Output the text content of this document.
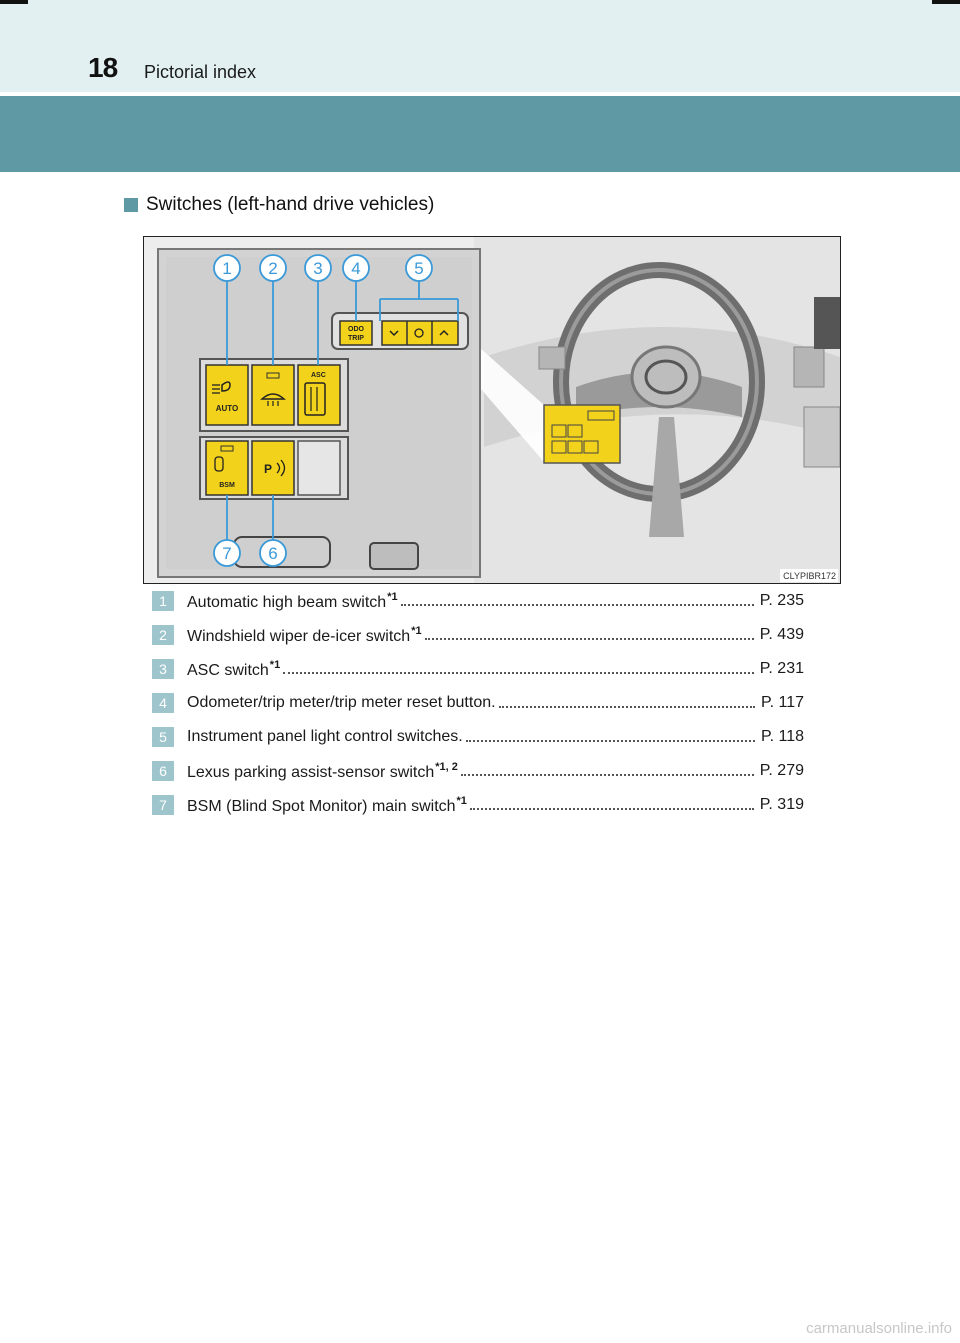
18 Pictorial index
Switches (left-hand drive vehicles)
ODO
TRIP
AUTO
ASC
BSM
P
1 2 3 4	5
7 6
CLYPIBR172
1	Automatic high beam switch$^{*1}$	P. 235
2	Windshield wiper de-icer switch$^{*1}$	P. 439
3	ASC switch$^{*1}$	P. 231
4	Odometer/trip meter/trip meter reset button.	P. 117
5	Instrument panel light control switches.	P. 118
6	Lexus parking assist-sensor switch$^{*1, 2}$	P. 279
7	BSM (Blind Spot Monitor) main switch$^{*1}$	P. 319
carmanualsonline.info
